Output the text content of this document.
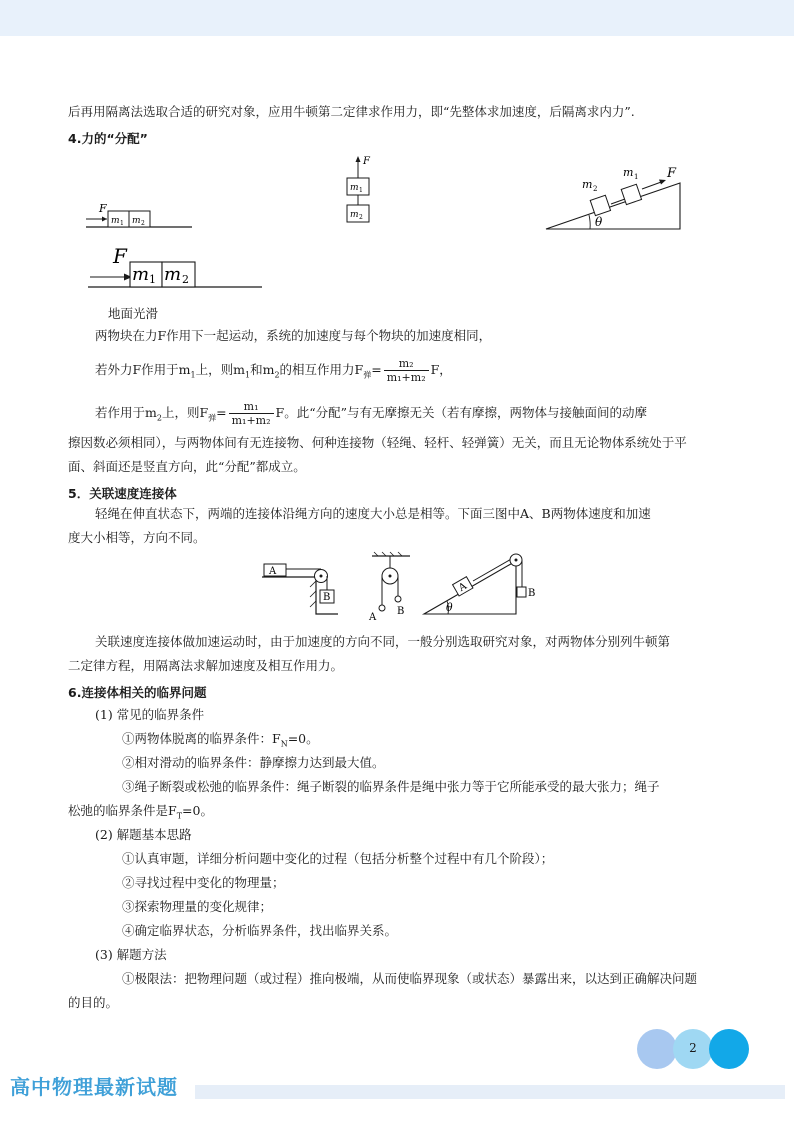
后再用隔离法选取合适的研究对象，应用牛顿第二定律求作用力，即“先整体求加速度，后隔离求内力”.
4.力的“分配”
F
m 1 m 2
F
m 1
m 2	θ
F
m 2
m 1
F
m 1 m 2
地面光滑
两物块在力F作用下一起运动，系统的加速度与每个物块的加速度相同，
若外力F作用于$m_1$上，则$m_1$和$m_2$的相互作用力$F_弹= \frac{\text{m₂}}{\text{m₁+m₂}}$ F，
若作用于$m_2$上，则$F_弹= \frac{\text{m₁}}{\text{m₁+m₂}}$ F。此“分配”与有无摩擦无关（若有摩擦，两物体与接触面间的动摩
擦因数必须相同），与两物体间有无连接物、何种连接物（轻绳、轻杆、轻弹簧）无关，而且无论物体系统处于平
面、斜面还是竖直方向，此“分配”都成立。
5．关联速度连接体
轻绳在伸直状态下，两端的连接体沿绳方向的速度大小总是相等。下面三图中A、B两物体速度和加速
度大小相等，方向不同。
A
B
A
B	θ
A	B
关联速度连接体做加速运动时，由于加速度的方向不同，一般分别选取研究对象，对两物体分别列牛顿第
二定律方程，用隔离法求解加速度及相互作用力。
6.连接体相关的临界问题
(1) 常见的临界条件
①两物体脱离的临界条件：$F_N=0$。
②相对滑动的临界条件：静摩擦力达到最大值。
③绳子断裂或松弛的临界条件：绳子断裂的临界条件是绳中张力等于它所能承受的最大张力；绳子
松弛的临界条件是$F_T=0$。
(2) 解题基本思路
①认真审题，详细分析问题中变化的过程（包括分析整个过程中有几个阶段）；
②寻找过程中变化的物理量；
③探索物理量的变化规律；
④确定临界状态，分析临界条件，找出临界关系。
(3) 解题方法
①极限法：把物理问题（或过程）推向极端，从而使临界现象（或状态）暴露出来，以达到正确解决问题
的目的。
2
高中物理最新试题
